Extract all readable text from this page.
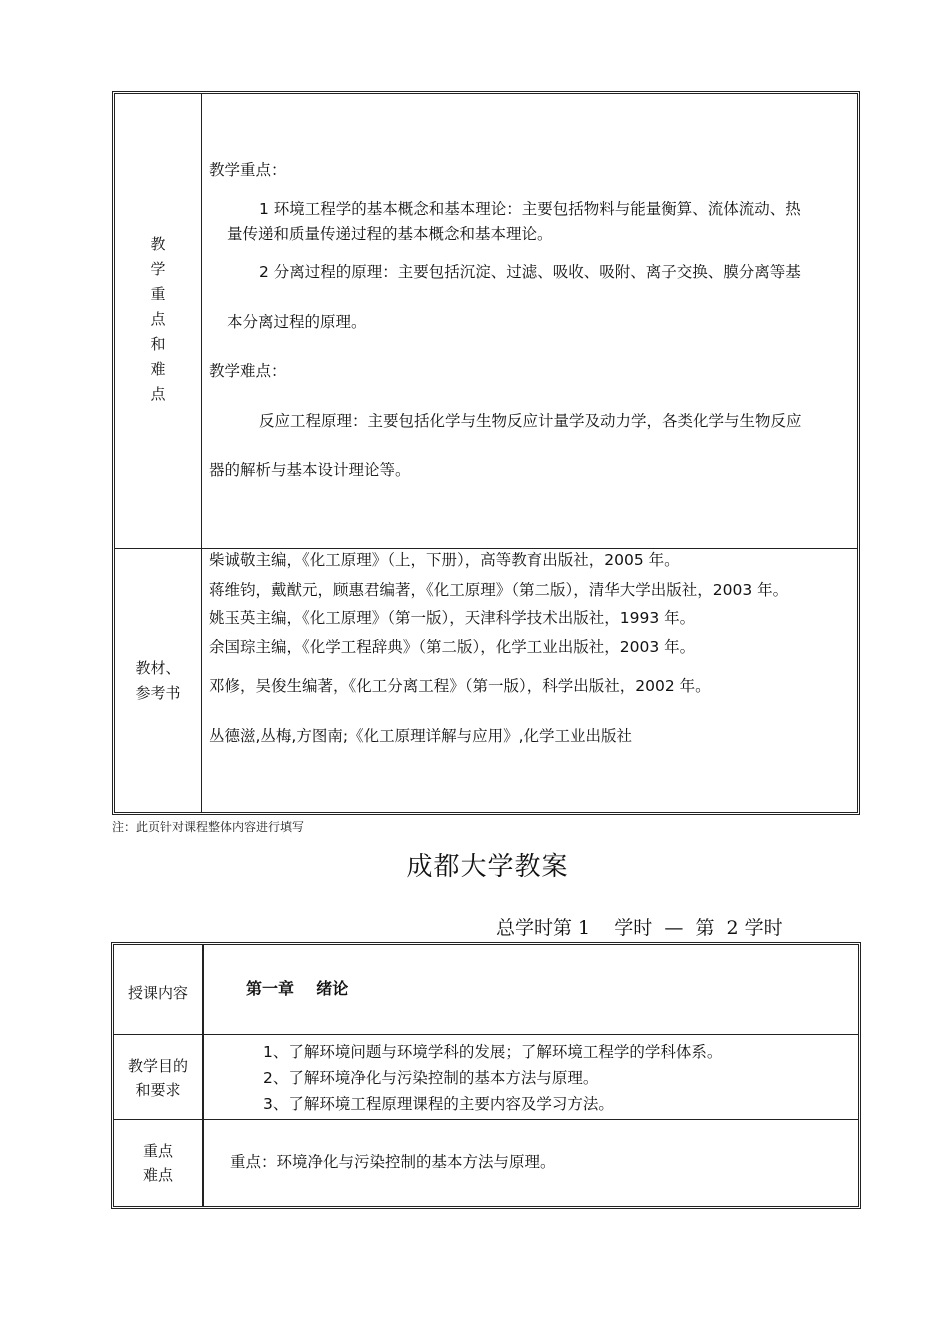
教
学
重
点
和
难
点
教学重点：
1 环境工程学的基本概念和基本理论：主要包括物料与能量衡算、流体流动、热
量传递和质量传递过程的基本概念和基本理论。
2 分离过程的原理：主要包括沉淀、过滤、吸收、吸附、离子交换、膜分离等基
本分离过程的原理。
教学难点：
反应工程原理：主要包括化学与生物反应计量学及动力学，各类化学与生物反应
器的解析与基本设计理论等。
教材、
参考书
柴诚敬主编，《化工原理》（上，下册），高等教育出版社，2005 年。
蒋维钧，戴猷元，顾惠君编著，《化工原理》（第二版），清华大学出版社，2003 年。
姚玉英主编，《化工原理》（第一版），天津科学技术出版社，1993 年。
余国琮主编，《化学工程辞典》（第二版），化学工业出版社，2003 年。
邓修，吴俊生编著，《化工分离工程》（第一版），科学出版社，2002 年。
丛德滋,丛梅,方图南;《化工原理详解与应用》,化学工业出版社
注：此页针对课程整体内容进行填写
成都大学教案
总学时第 1    学时  —  第  2 学时
授课内容	第一章    绪论
教学目的
和要求
1、了解环境问题与环境学科的发展；了解环境工程学的学科体系。
2、了解环境净化与污染控制的基本方法与原理。
3、了解环境工程原理课程的主要内容及学习方法。
重点
难点
重点：环境净化与污染控制的基本方法与原理。
